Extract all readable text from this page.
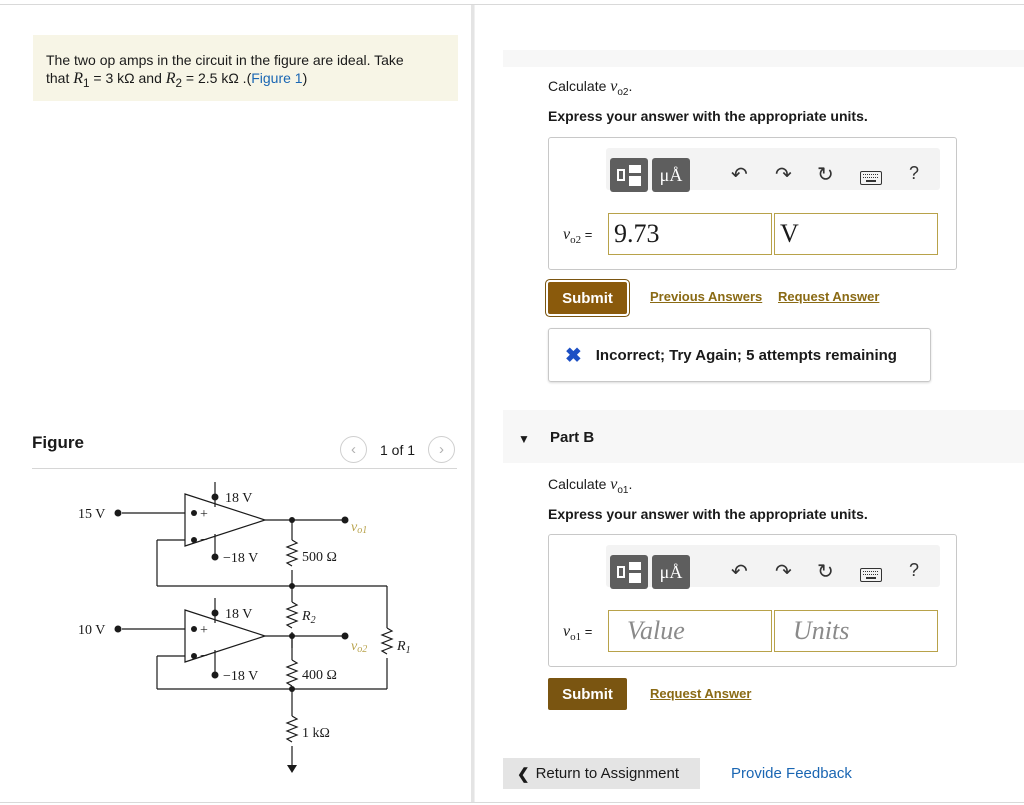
The two op amps in the circuit in the figure are ideal. Take
that $R_1 = 3$ kΩ and $R_2 = 2.5$ kΩ .(Figure 1)
Figure	‹	1 of 1	›
15 V
10 V
18 V
−18 V
18 V
−18 V
+
−
+
−
500 Ω
400 Ω
1 kΩ
$R_2$
$R_1$
vo1
vo2
Calculate $v_{o2}$.
Express your answer with the appropriate units.
μÅ	↶ ↷ ↻	?
$v_{o2} = 9.73$	V
Submit	Previous Answers Request Answer
✖ Incorrect; Try Again; 5 attempts remaining
▼ Part B
Calculate $v_{o1}$.
Express your answer with the appropriate units.
μÅ	↶ ↷ ↻	?
$v_{o1}$ =	Value	Units
Submit	Request Answer
❮ Return to Assignment	Provide Feedback
